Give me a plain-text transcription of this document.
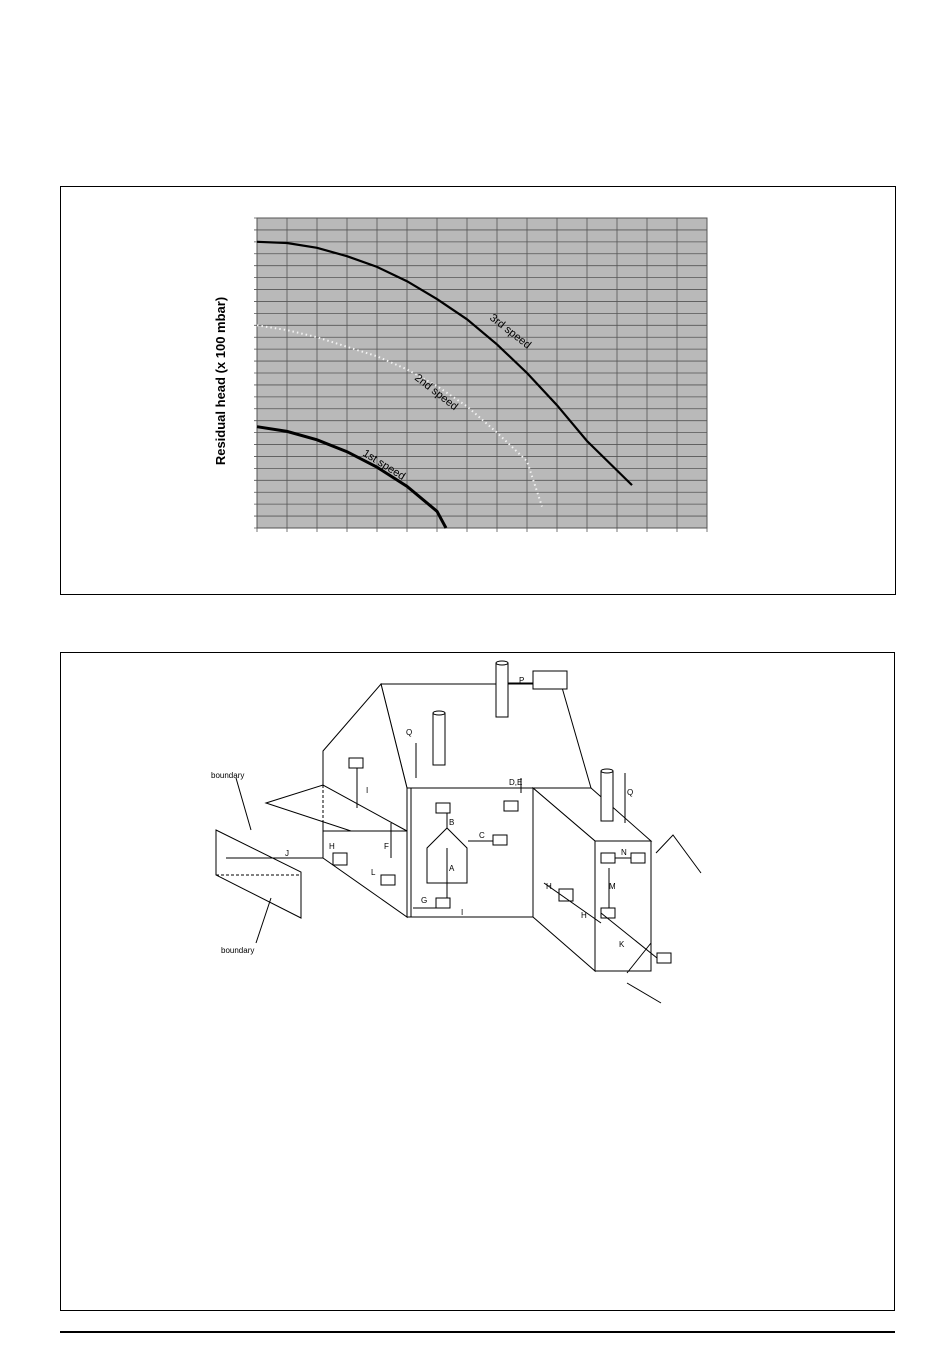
Residual head (x 100 mbar)	3rd speed
2nd speed
1st speed
boundary
boundary
Q
Q
P
D,E
B
C
A
G
I
I
F
H
H
H
J
K
L
M
N
